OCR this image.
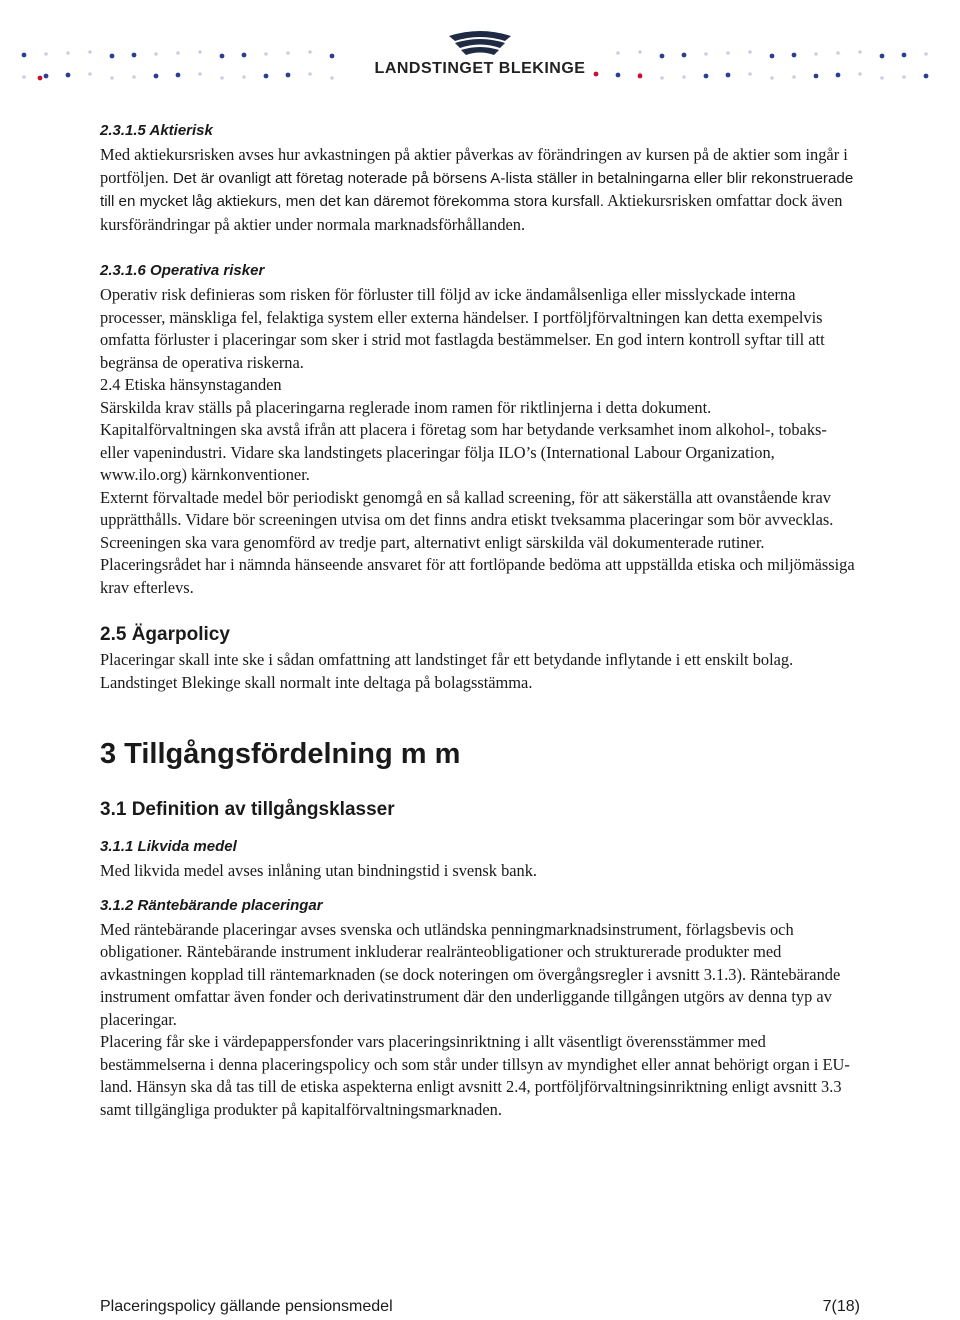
LANDSTINGET BLEKINGE
2.3.1.5 Aktierisk

Med aktiekursrisken avses hur avkastningen på aktier påverkas av förändringen av kursen på de aktier som ingår i portföljen. Det är ovanligt att företag noterade på börsens A-lista ställer in betalningarna eller blir rekonstruerade till en mycket låg aktiekurs, men det kan däremot förekomma stora kursfall. Aktiekursrisken omfattar dock även kursförändringar på aktier under normala marknadsförhållanden.

2.3.1.6 Operativa risker

Operativ risk definieras som risken för förluster till följd av icke ändamålsenliga eller misslyckade interna processer, mänskliga fel, felaktiga system eller externa händelser. I portföljförvaltningen kan detta exempelvis omfatta förluster i placeringar som sker i strid mot fastlagda bestämmelser. En god intern kontroll syftar till att begränsa de operativa riskerna.

2.4 Etiska hänsynstaganden

Särskilda krav ställs på placeringarna reglerade inom ramen för riktlinjerna i detta dokument.

Kapitalförvaltningen ska avstå ifrån att placera i företag som har betydande verksamhet inom alkohol-, tobaks- eller vapenindustri. Vidare ska landstingets placeringar följa ILO’s (International Labour Organization, www.ilo.org) kärnkonventioner.

Externt förvaltade medel bör periodiskt genomgå en så kallad screening, för att säkerställa att ovanstående krav upprätthålls. Vidare bör screeningen utvisa om det finns andra etiskt tveksamma placeringar som bör avvecklas. Screeningen ska vara genomförd av tredje part, alternativt enligt särskilda väl dokumenterade rutiner. Placeringsrådet har i nämnda hänseende ansvaret för att fortlöpande bedöma att uppställda etiska och miljömässiga krav efterlevs.

2.5 Ägarpolicy

Placeringar skall inte ske i sådan omfattning att landstinget får ett betydande inflytande i ett enskilt bolag. Landstinget Blekinge skall normalt inte deltaga på bolagsstämma.

3 Tillgångsfördelning m m
3.1 Definition av tillgångsklasser
3.1.1 Likvida medel

Med likvida medel avses inlåning utan bindningstid i svensk bank.

3.1.2 Räntebärande placeringar

Med räntebärande placeringar avses svenska och utländska penningmarknadsinstrument, förlagsbevis och obligationer. Räntebärande instrument inkluderar realränteobligationer och strukturerade produkter med avkastningen kopplad till räntemarknaden (se dock noteringen om övergångsregler i avsnitt 3.1.3). Räntebärande instrument omfattar även fonder och derivatinstrument där den underliggande tillgången utgörs av denna typ av placeringar.

Placering får ske i värdepappersfonder vars placeringsinriktning i allt väsentligt överensstämmer med bestämmelserna i denna placeringspolicy och som står under tillsyn av myndighet eller annat behörigt organ i EU-land. Hänsyn ska då tas till de etiska aspekterna enligt avsnitt 2.4, portföljförvaltningsinriktning enligt avsnitt 3.3 samt tillgängliga produkter på kapitalförvaltningsmarknaden.

Placeringspolicy gällande pensionsmedel	7(18)
